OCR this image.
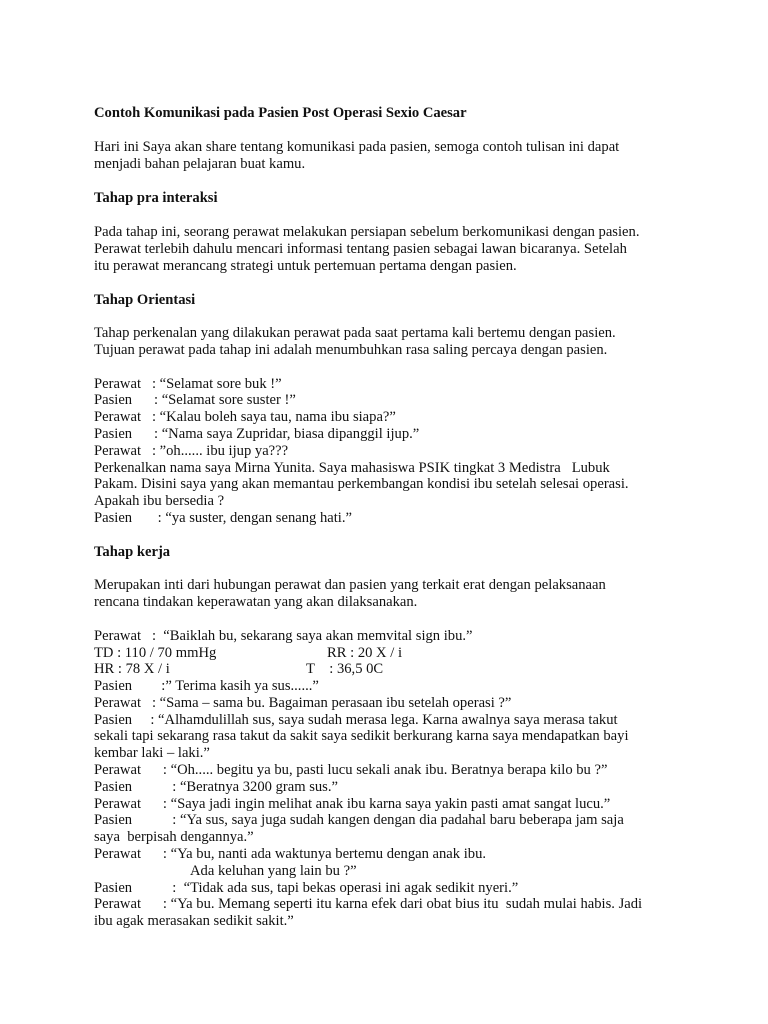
Contoh Komunikasi pada Pasien Post Operasi Sexio Caesar
Hari ini Saya akan share tentang komunikasi pada pasien, semoga contoh tulisan ini dapat
menjadi bahan pelajaran buat kamu.
Tahap pra interaksi
Pada tahap ini, seorang perawat melakukan persiapan sebelum berkomunikasi dengan pasien.
Perawat terlebih dahulu mencari informasi tentang pasien sebagai lawan bicaranya. Setelah
itu perawat merancang strategi untuk pertemuan pertama dengan pasien.
Tahap Orientasi
Tahap perkenalan yang dilakukan perawat pada saat pertama kali bertemu dengan pasien.
Tujuan perawat pada tahap ini adalah menumbuhkan rasa saling percaya dengan pasien.
Perawat   : “Selamat sore buk !”
Pasien      : “Selamat sore suster !”
Perawat   : “Kalau boleh saya tau, nama ibu siapa?”
Pasien      : “Nama saya Zupridar, biasa dipanggil ijup.”
Perawat   : ”oh...... ibu ijup ya???
Perkenalkan nama saya Mirna Yunita. Saya mahasiswa PSIK tingkat 3 Medistra   Lubuk
Pakam. Disini saya yang akan memantau perkembangan kondisi ibu setelah selesai operasi.
Apakah ibu bersedia ?
Pasien       : “ya suster, dengan senang hati.”
Tahap kerja
Merupakan inti dari hubungan perawat dan pasien yang terkait erat dengan pelaksanaan
rencana tindakan keperawatan yang akan dilaksanakan.
Perawat   :  “Baiklah bu, sekarang saya akan memvital sign ibu.”
TD : 110 / 70 mmHg	RR : 20 X / i
HR : 78 X / i	T    : 36,5 0C
Pasien        :” Terima kasih ya sus......”
Perawat   : “Sama – sama bu. Bagaiman perasaan ibu setelah operasi ?”
Pasien     : “Alhamdulillah sus, saya sudah merasa lega. Karna awalnya saya merasa takut
sekali tapi sekarang rasa takut da sakit saya sedikit berkurang karna saya mendapatkan bayi
kembar laki – laki.”
Perawat      : “Oh..... begitu ya bu, pasti lucu sekali anak ibu. Beratnya berapa kilo bu ?”
Pasien           : “Beratnya 3200 gram sus.”
Perawat      : “Saya jadi ingin melihat anak ibu karna saya yakin pasti amat sangat lucu.”
Pasien           : “Ya sus, saya juga sudah kangen dengan dia padahal baru beberapa jam saja
saya  berpisah dengannya.”
Perawat      : “Ya bu, nanti ada waktunya bertemu dengan anak ibu.
Ada keluhan yang lain bu ?”
Pasien           :  “Tidak ada sus, tapi bekas operasi ini agak sedikit nyeri.”
Perawat      : “Ya bu. Memang seperti itu karna efek dari obat bius itu  sudah mulai habis. Jadi
ibu agak merasakan sedikit sakit.”
